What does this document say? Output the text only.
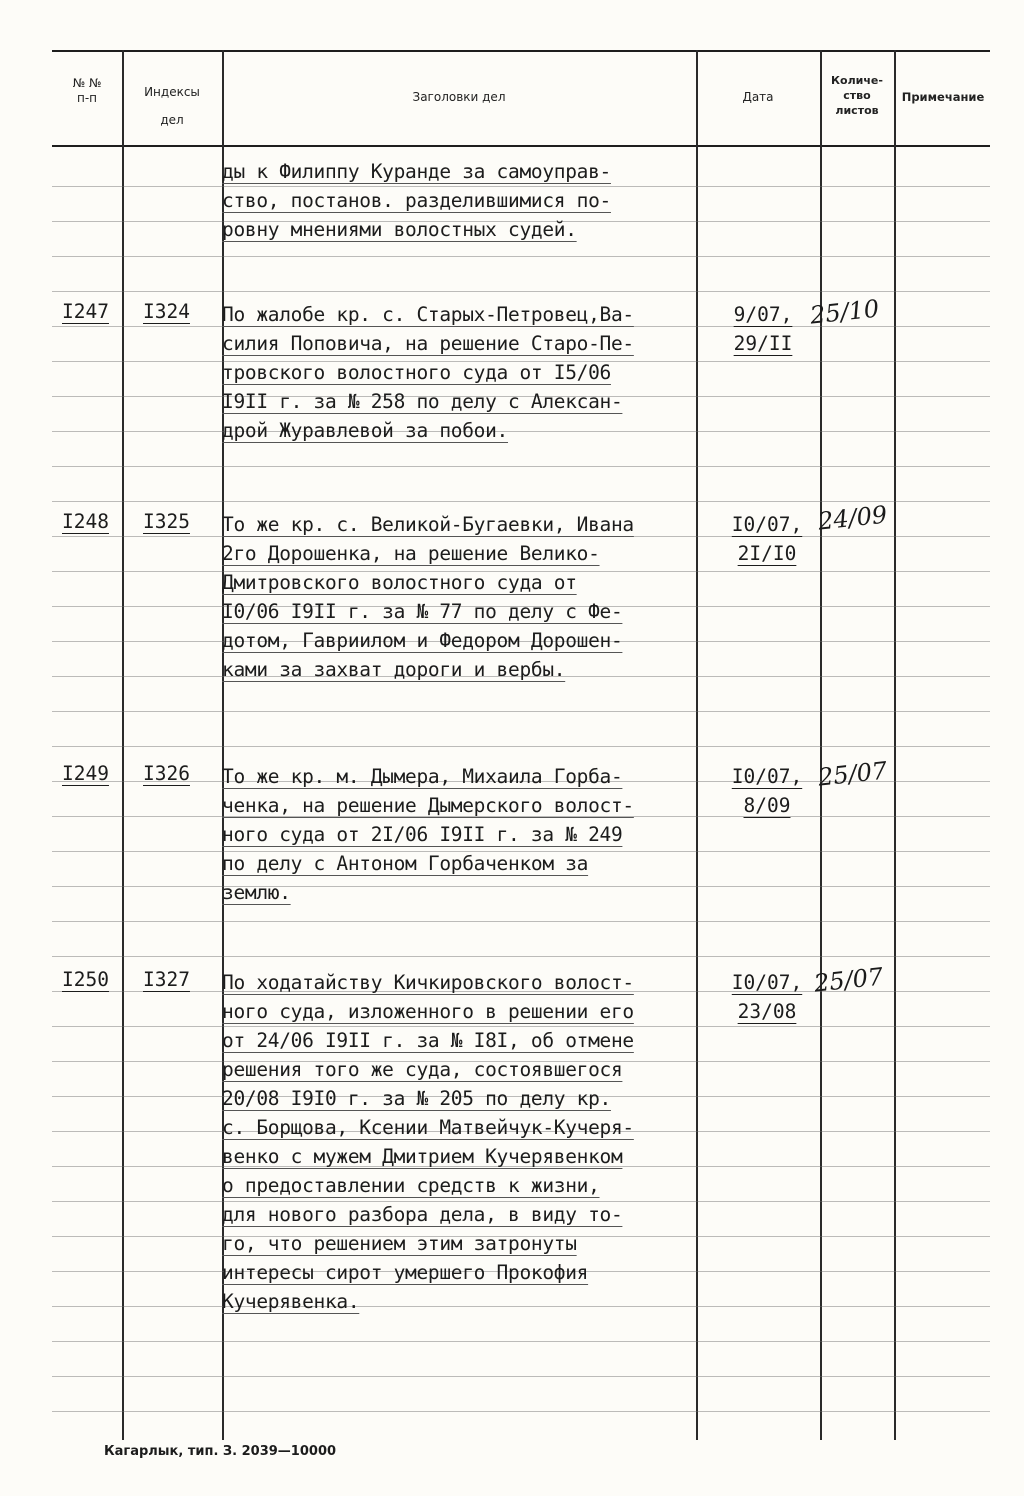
№ №
п-п	Индексы
дел
Заголовки дел	Дата
Количе-
ство
листов
Примечание
ды к Филиппу Куранде за самоуправ-
ство, постанов. разделившимися по-
ровну мнениями волостных судей.
I247 I324 По жалобе кр. с. Старых-Петровец,Ва-
силия Поповича, на решение Старо-Пе-
тровского волостного суда от I5/06
I9II г. за № 258 по делу с Алексан-
дрой Журавлевой за побои.
9/07,
29/II
25/10
I248 I325 То же кр. с. Великой-Бугаевки, Ивана
2го Дорошенка, на решение Велико-
Дмитровского волостного суда от
I0/06 I9II г. за № 77 по делу с Фе-
дотом, Гавриилом и Федором Дорошен-
ками за захват дороги и вербы.
I0/07,
2I/I0
24/09
I249 I326 То же кр. м. Дымера, Михаила Горба-
ченка, на решение Дымерского волост-
ного суда от 2I/06 I9II г. за № 249
по делу с Антоном Горбаченком за
землю.
I0/07,
8/09
25/07
I250 I327 По ходатайству Кичкировского волост-
ного суда, изложенного в решении его
от 24/06 I9II г. за № I8I, об отмене
решения того же суда, состоявшегося
20/08 I9I0 г. за № 205 по делу кр.
с. Борщова, Ксении Матвейчук-Кучеря-
венко с мужем Дмитрием Кучерявенком
о предоставлении средств к жизни,
для нового разбора дела, в виду то-
го, что решением этим затронуты
интересы сирот умершего Прокофия
Кучерявенка.
I0/07,
23/08
25/07
Кагарлык, тип. З. 2039—10000
